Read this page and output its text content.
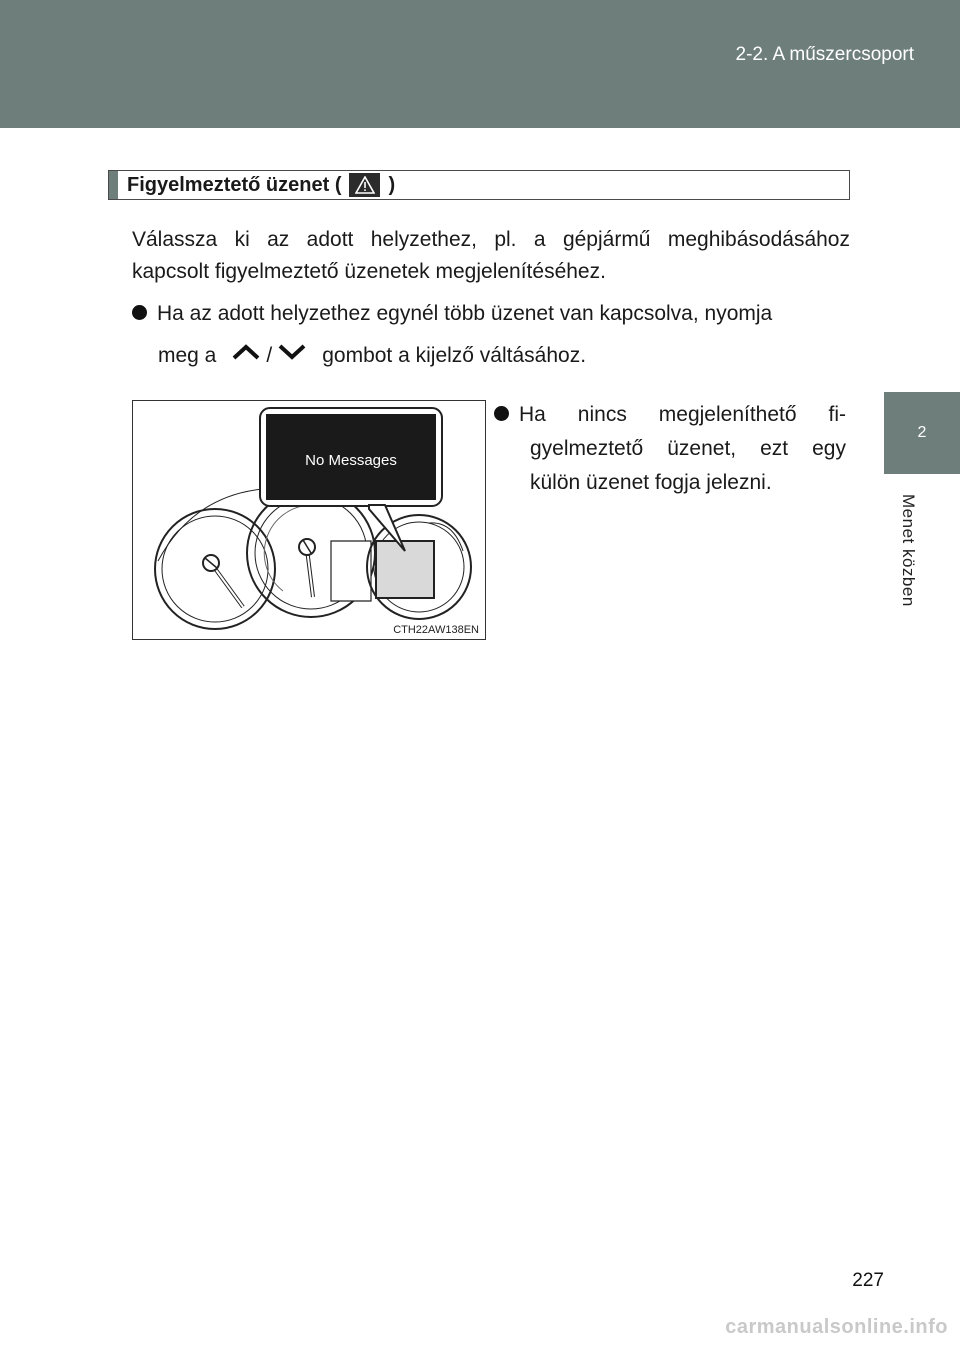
2-2. A műszercsoport
2
Menet közben
Figyelmeztető üzenet ( )
Válassza ki az adott helyzethez, pl. a gépjármű meghibásodásához
kapcsolt figyelmeztető üzenetek megjelenítéséhez.
Ha az adott helyzethez egynél több üzenet van kapcsolva, nyomja
meg a / gombot a kijelző váltásához.
No Messages
CTH22AW138EN
Ha nincs megjeleníthető fi-
gyelmeztető üzenet, ezt egy
külön üzenet fogja jelezni.
227
carmanualsonline.info
